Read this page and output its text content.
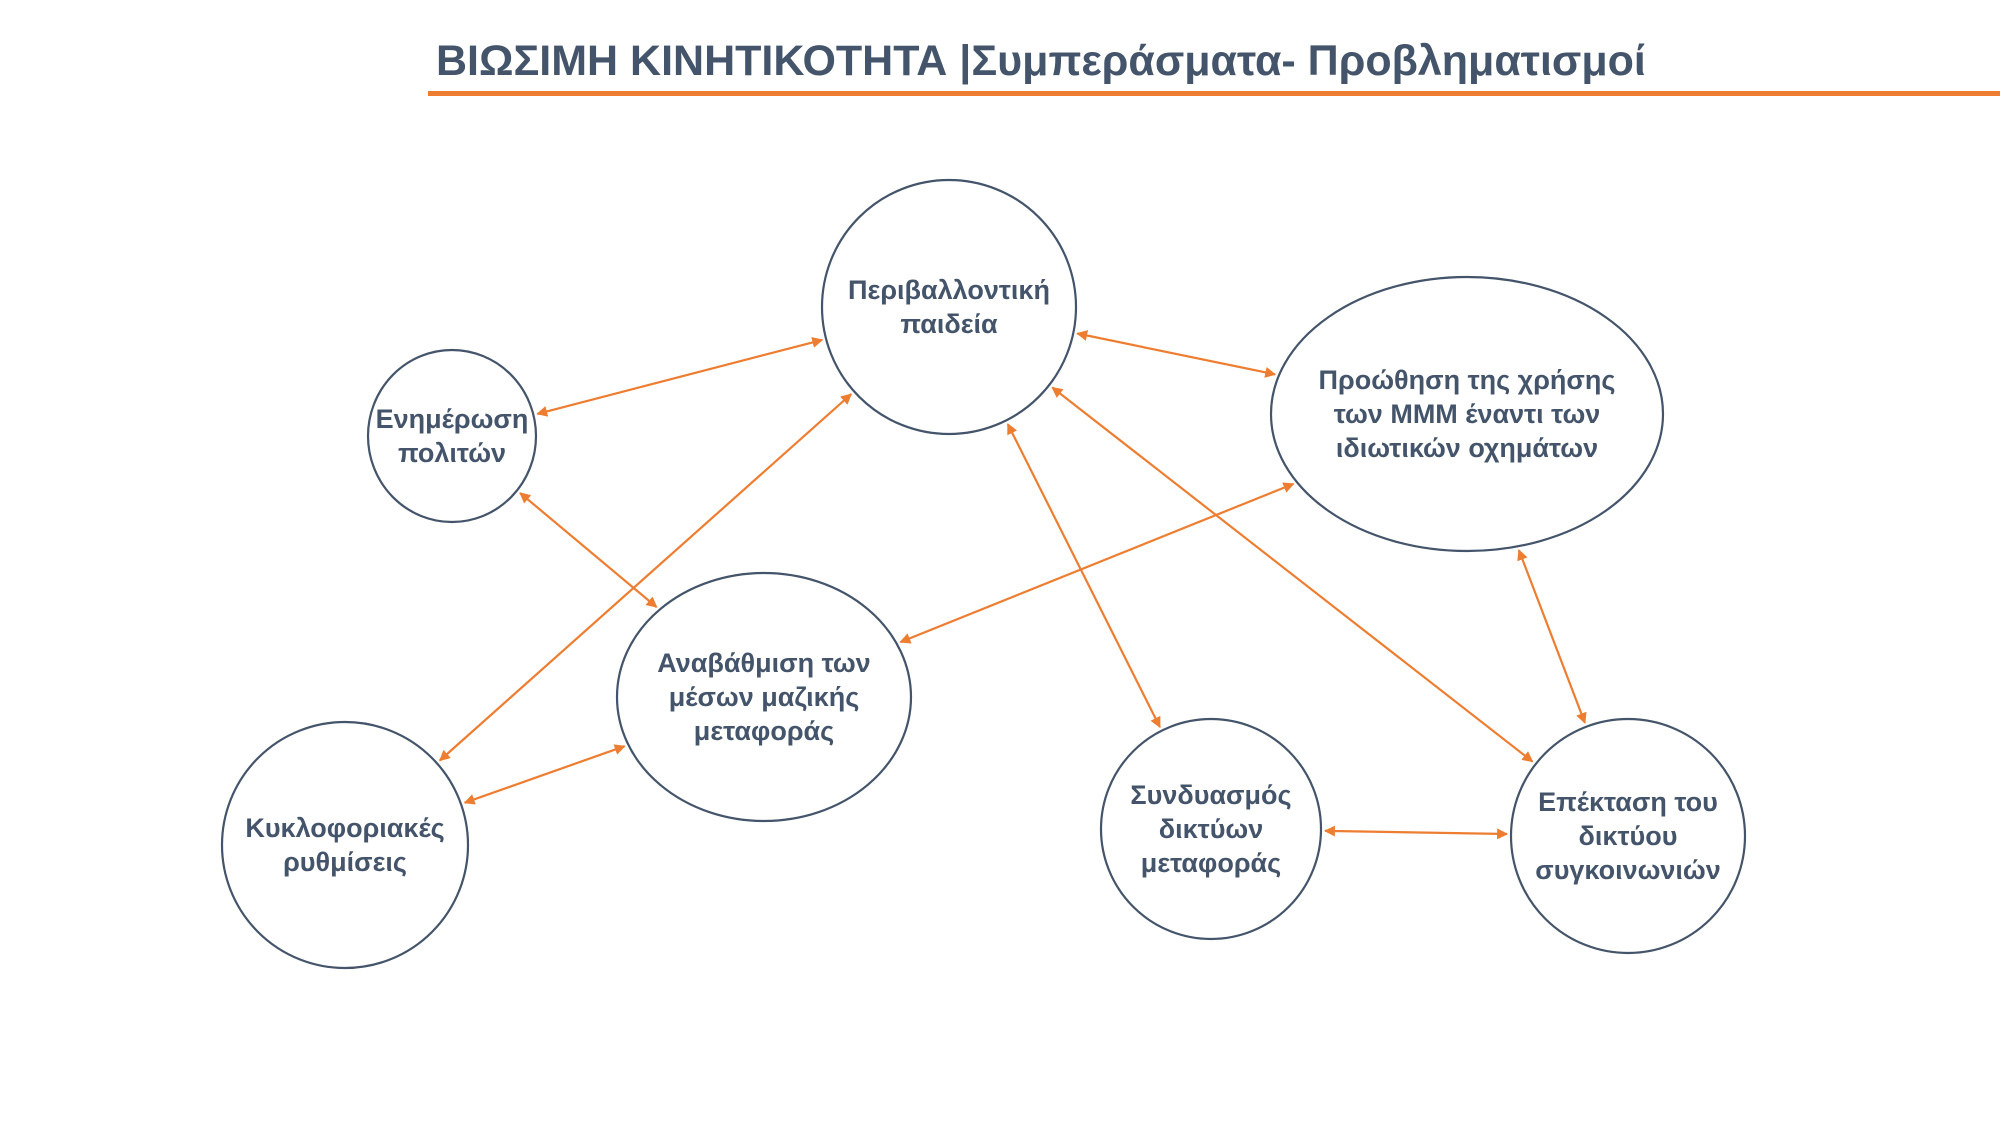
ΒΙΩΣΙΜΗ ΚΙΝΗΤΙΚΟΤΗΤΑ |Συμπεράσματα- Προβληματισμοί
Περιβαλλοντική
παιδεία
Ενημέρωση
πολιτών
Προώθηση της χρήσης
των ΜΜΜ έναντι των
ιδιωτικών οχημάτων
Αναβάθμιση των
μέσων μαζικής
μεταφοράς
Κυκλοφοριακές
ρυθμίσεις
Συνδυασμός
δικτύων
μεταφοράς
Επέκταση του
δικτύου
συγκοινωνιών
